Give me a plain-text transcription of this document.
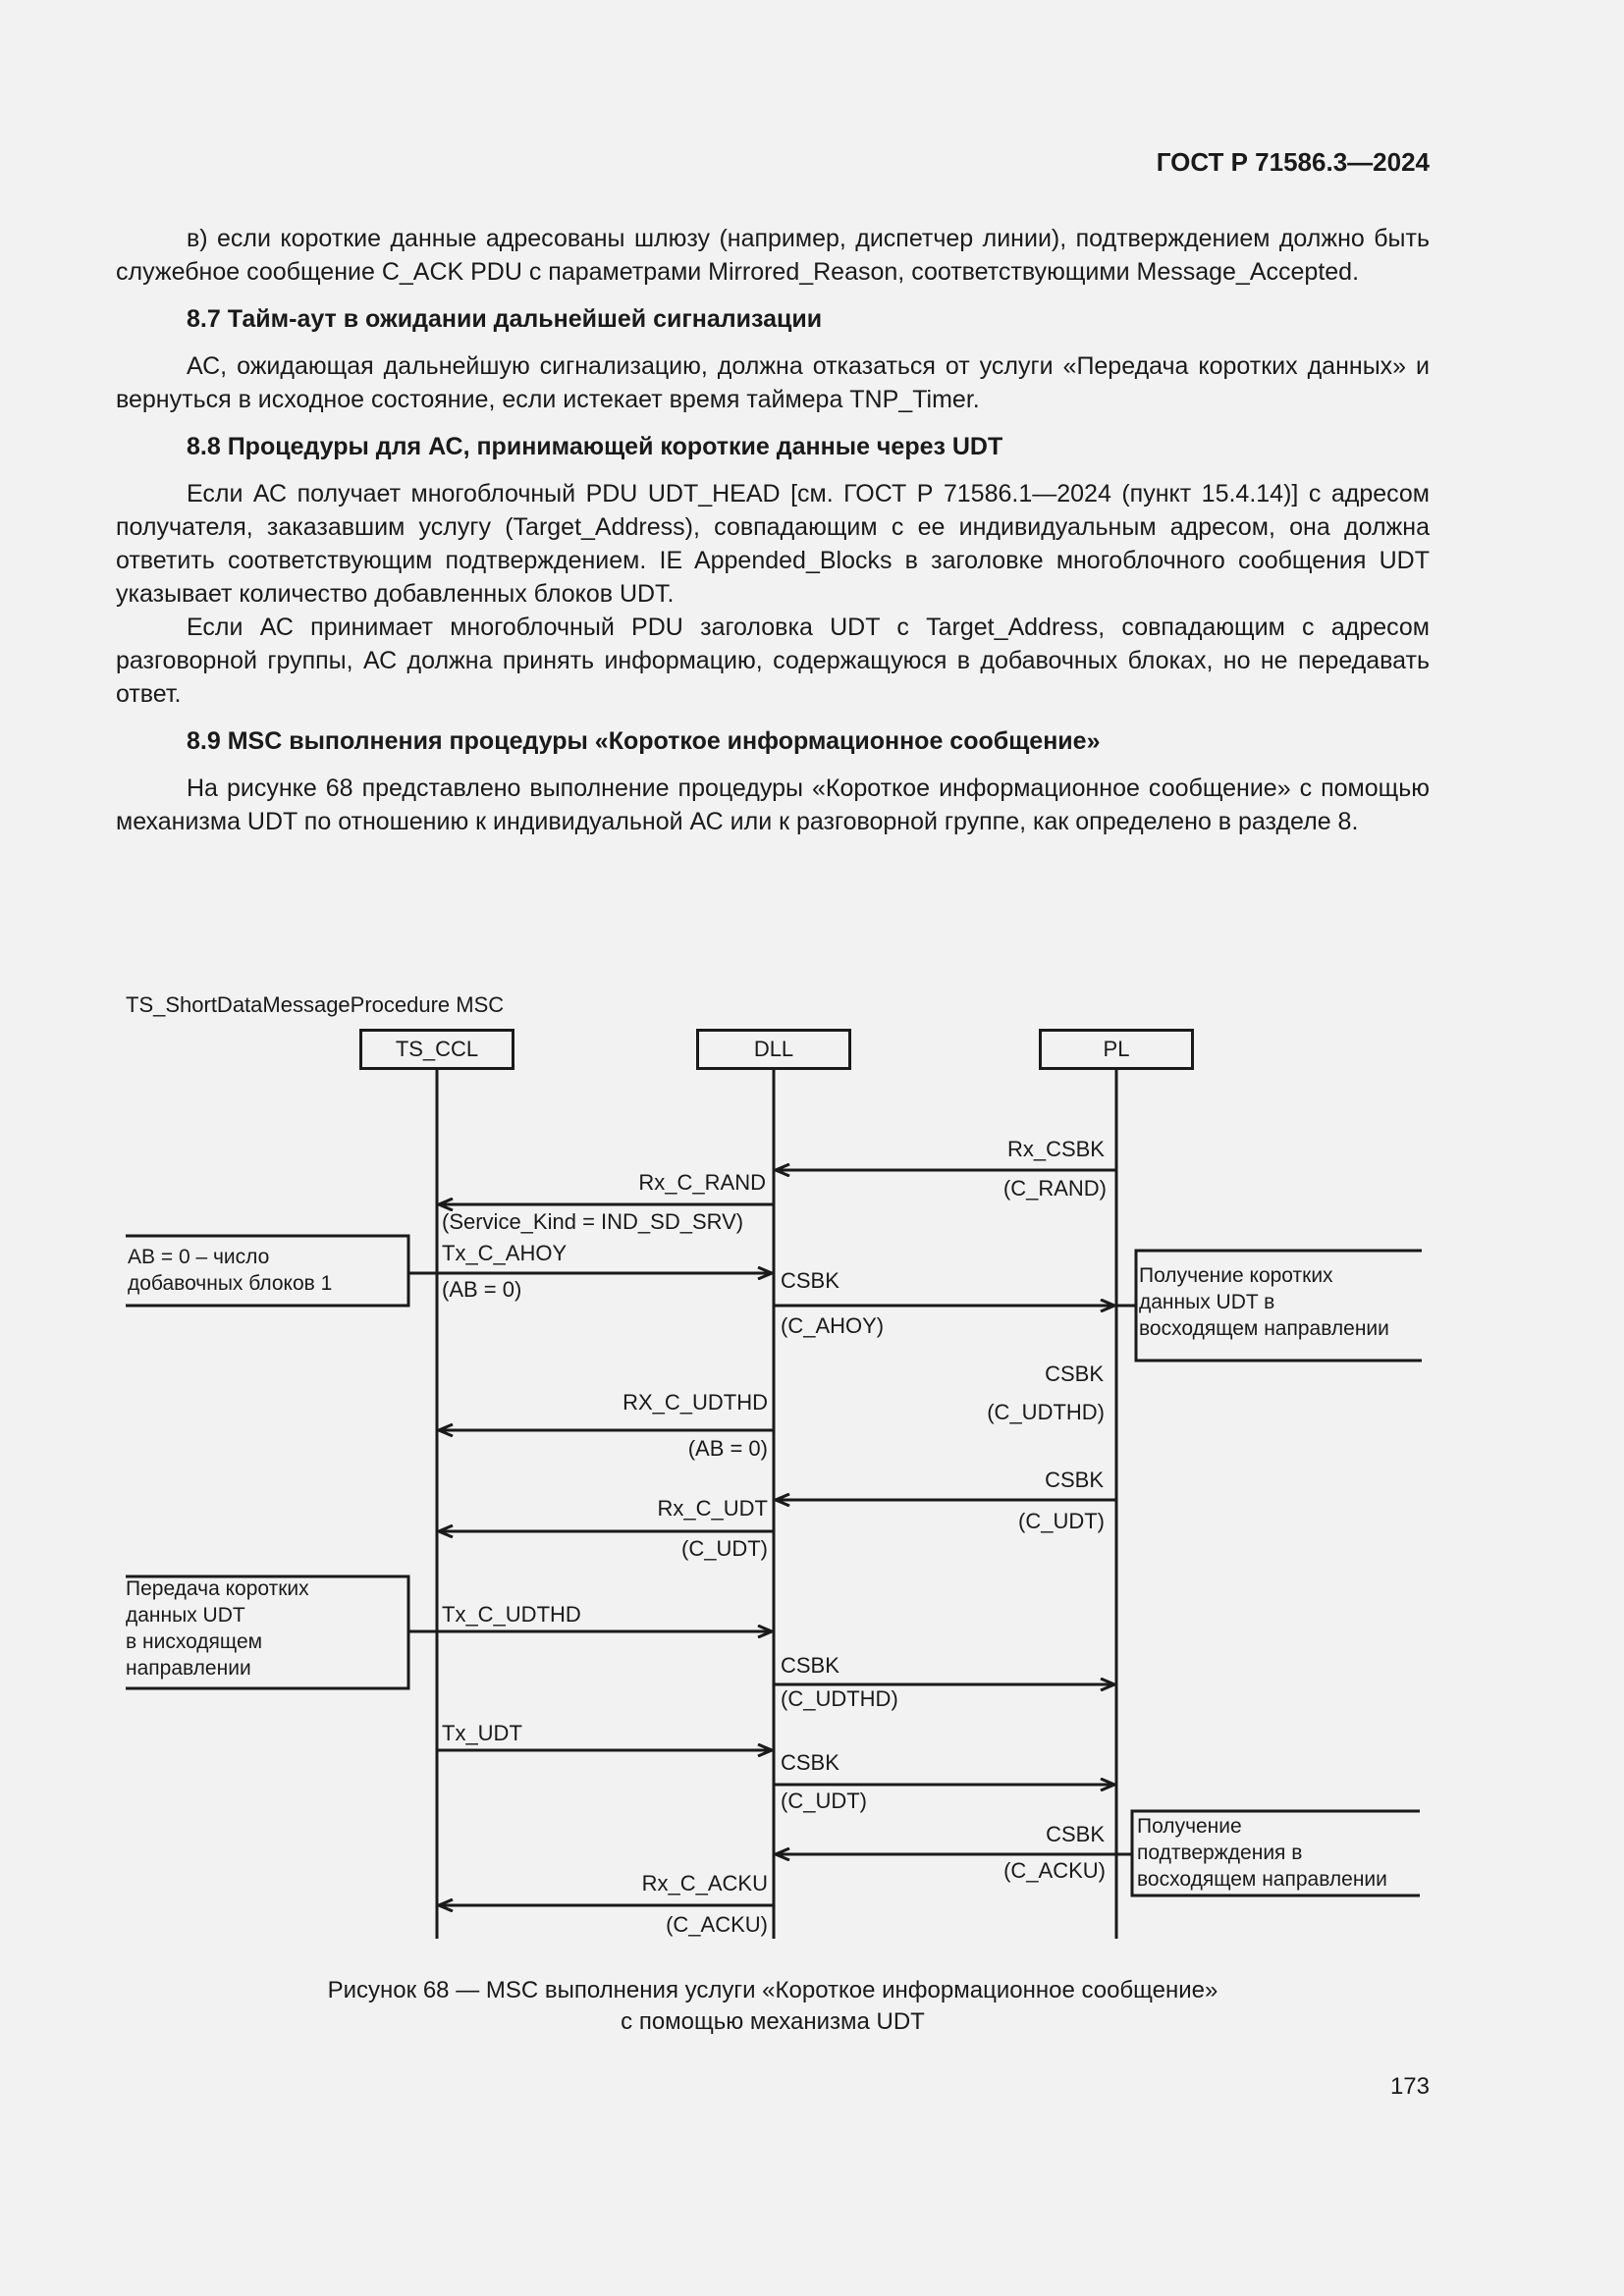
ГОСТ Р 71586.3—2024

в) если короткие данные адресованы шлюзу (например, диспетчер линии), подтверждением должно быть служебное сообщение C_ACK PDU с параметрами Mirrored_Reason, соответствующими Message_Accepted.

8.7 Тайм-аут в ожидании дальнейшей сигнализации

АС, ожидающая дальнейшую сигнализацию, должна отказаться от услуги «Передача коротких данных» и вернуться в исходное состояние, если истекает время таймера TNP_Timer.

8.8 Процедуры для АС, принимающей короткие данные через UDT

Если АС получает многоблочный PDU UDT_HEAD [см. ГОСТ Р 71586.1—2024 (пункт 15.4.14)] с адресом получателя, заказавшим услугу (Target_Address), совпадающим с ее индивидуальным адресом, она должна ответить соответствующим подтверждением. IE Appended_Blocks в заголовке многоблочного сообщения UDT указывает количество добавленных блоков UDT.

Если АС принимает многоблочный PDU заголовка UDT с Target_Address, совпадающим с адресом разговорной группы, АС должна принять информацию, содержащуюся в добавочных блоках, но не передавать ответ.

8.9 MSC выполнения процедуры «Короткое информационное сообщение»

На рисунке 68 представлено выполнение процедуры «Короткое информационное сообщение» с помощью механизма UDT по отношению к индивидуальной АС или к разговорной группе, как определено в разделе 8.

TS_ShortDataMessageProcedure MSC
TS_CCL	DLL	PL
Rx_CSBK
(C_RAND)
Rx_C_RAND
(Service_Kind = IND_SD_SRV)
Tx_C_AHOY
(AB = 0)	CSBK
(C_AHOY)
CSBK
(C_UDTHD)
RX_C_UDTHD
(AB = 0)
CSBK
(C_UDT)
Rx_C_UDT
(C_UDT)
Tx_C_UDTHD
CSBK
(C_UDTHD)
Tx_UDT
CSBK
(C_UDT)
CSBK
(C_ACKU)
Rx_C_ACKU
(C_ACKU)
AB = 0 – число
добавочных блоков 1	Получение коротких
данных UDT в
восходящем направлении
Передача коротких
данных UDT
в нисходящем
направлении
Получение
подтверждения в
восходящем направлении
Рисунок 68 — MSC выполнения услуги «Короткое информационное сообщение»
с помощью механизма UDT
173
